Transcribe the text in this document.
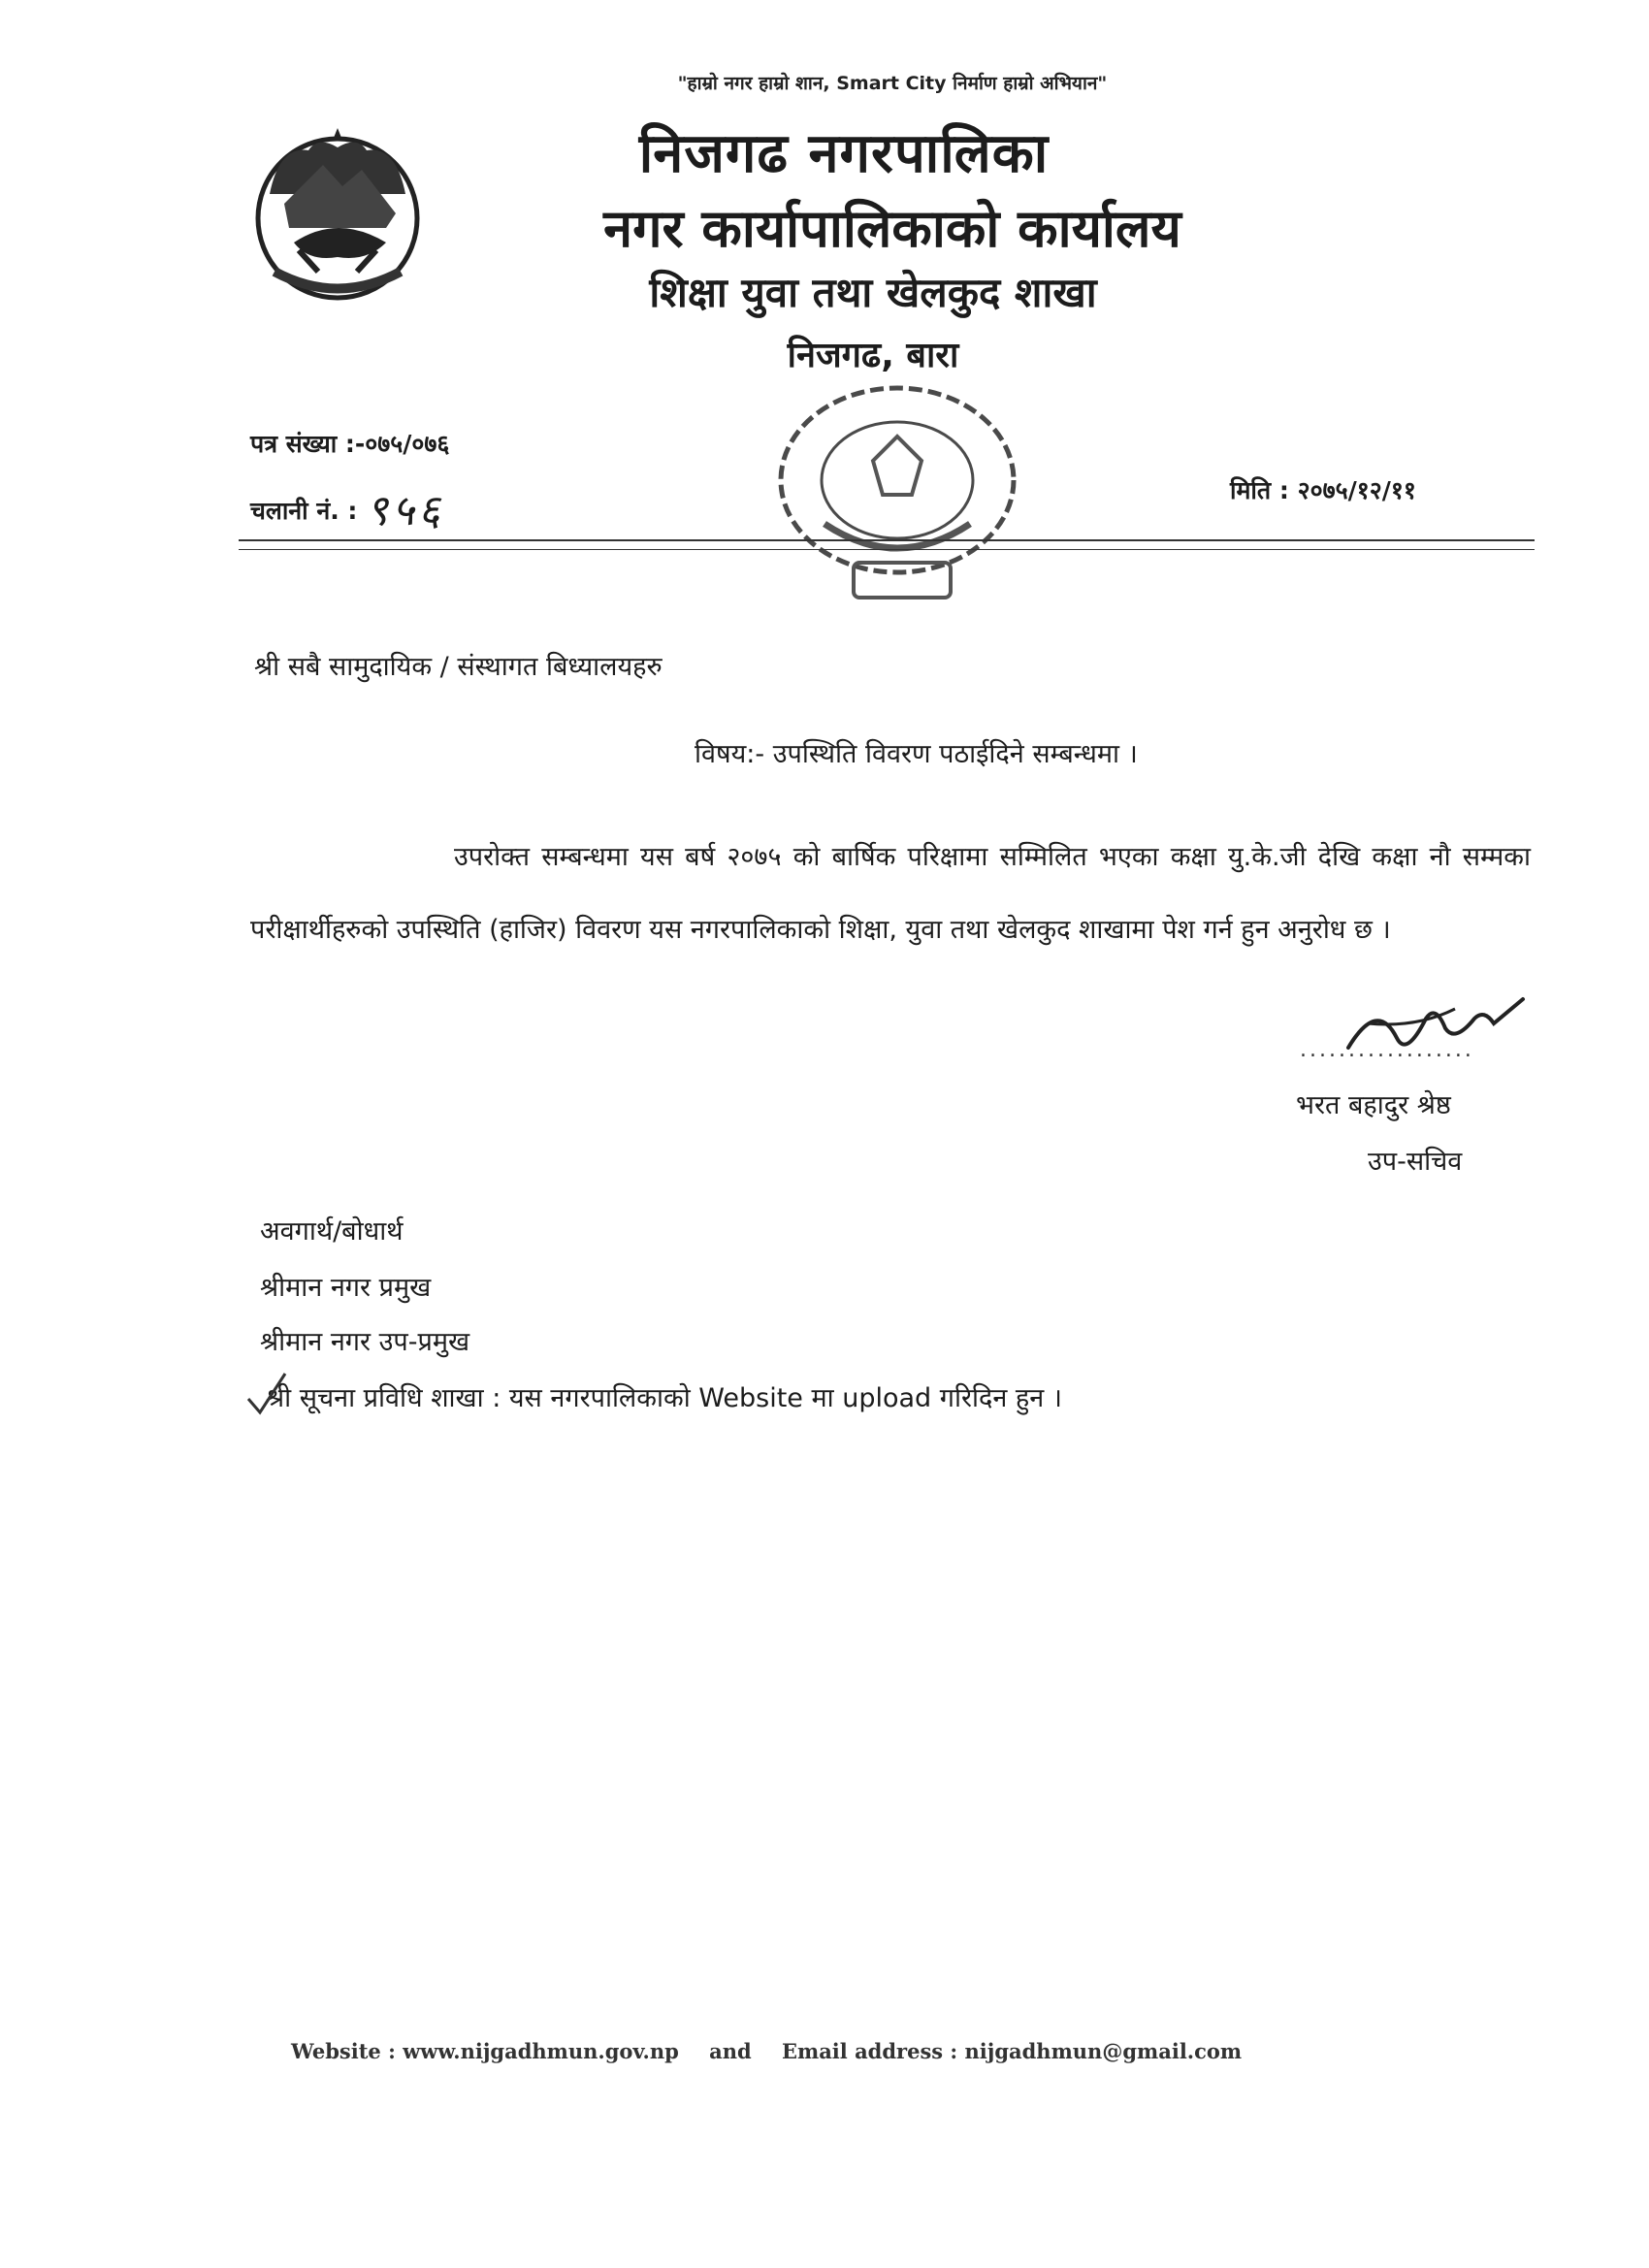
"हाम्रो नगर हाम्रो शान, Smart City निर्माण हाम्रो अभियान"
निजगढ नगरपालिका
नगर कार्यापालिकाको कार्यालय
शिक्षा युवा तथा खेलकुद शाखा
निजगढ, बारा
पत्र संख्या :-०७५/०७६
चलानी नं. : ९५६	मिति : २०७५/१२/११
श्री सबै सामुदायिक / संस्थागत बिध्यालयहरु
विषय:- उपस्थिति विवरण पठाईदिने सम्बन्धमा ।
उपरोक्त सम्बन्धमा यस बर्ष २०७५ को बार्षिक परिक्षामा सम्मिलित भएका कक्षा यु.के.जी देखि कक्षा नौ सम्मका परीक्षार्थीहरुको उपस्थिति (हाजिर) विवरण यस नगरपालिकाको शिक्षा, युवा तथा खेलकुद शाखामा पेश गर्न हुन अनुरोध छ ।
..................
भरत बहादुर श्रेष्ठ
उप-सचिव
अवगार्थ/बोधार्थ
श्रीमान नगर प्रमुख
श्रीमान नगर उप-प्रमुख
श्री सूचना प्रविधि शाखा : यस नगरपालिकाको Website मा upload गरिदिन हुन ।
Website : www.nijgadhmun.gov.np and Email address : nijgadhmun@gmail.com
